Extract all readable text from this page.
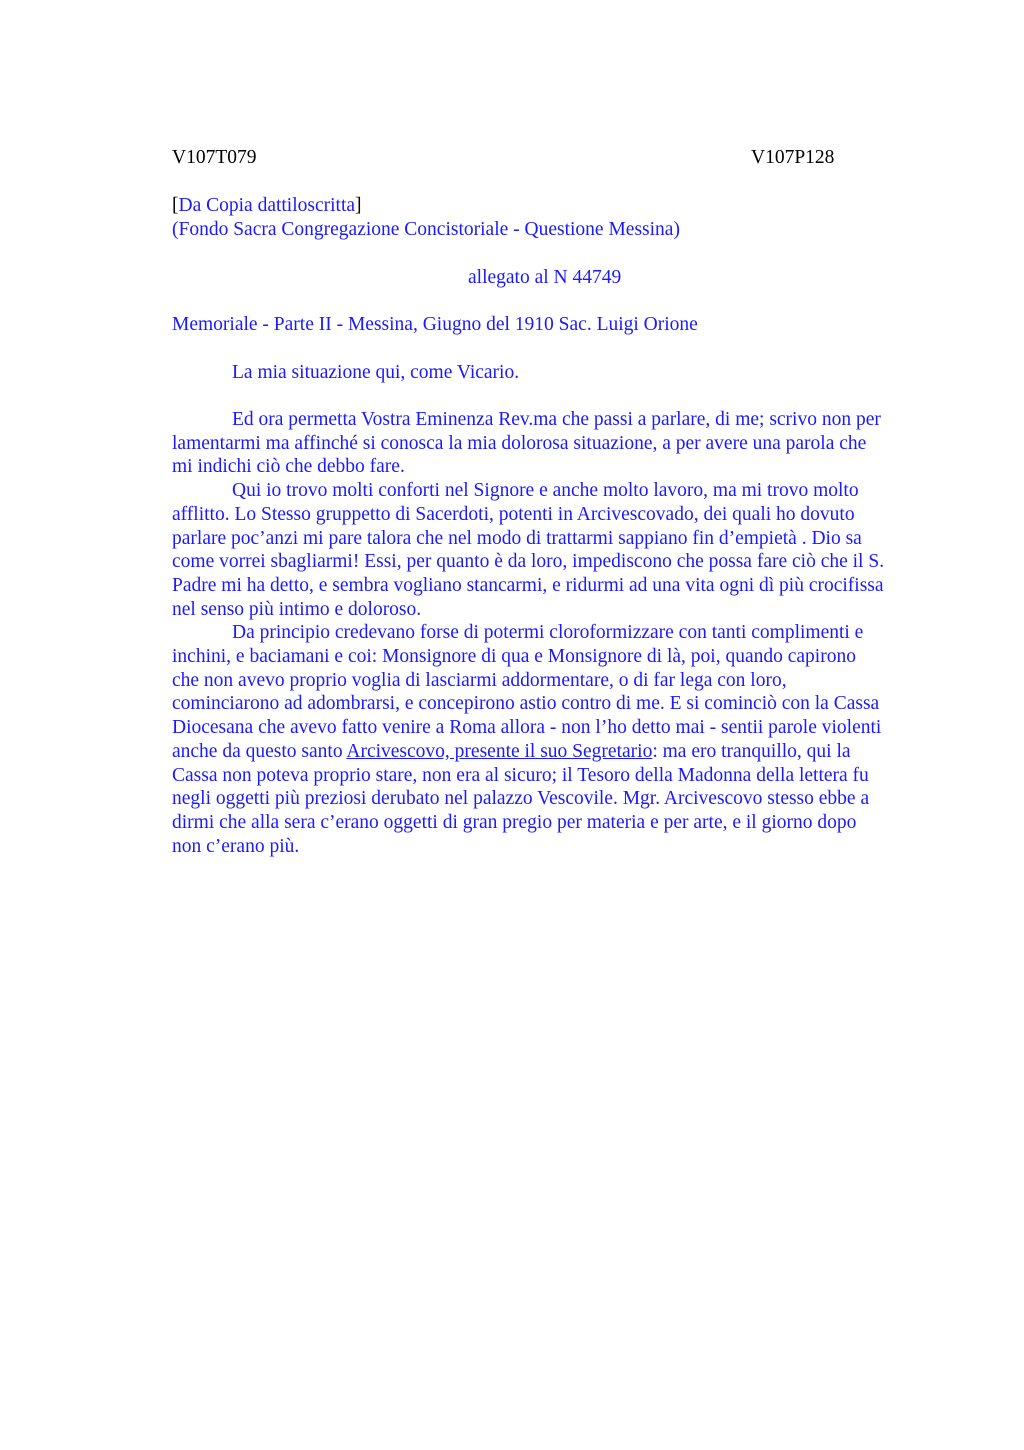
V107T079	V107P128
[Da Copia dattiloscritta]
(Fondo Sacra Congregazione Concistoriale - Questione Messina)
allegato al N 44749
Memoriale - Parte II - Messina, Giugno del 1910 Sac. Luigi Orione
La mia situazione qui, come Vicario.
Ed ora permetta Vostra Eminenza Rev.ma che passi a parlare, di me; scrivo non per
lamentarmi ma affinché si conosca la mia dolorosa situazione, a per avere una parola che
mi indichi ciò che debbo fare.
Qui io trovo molti conforti nel Signore e anche molto lavoro, ma mi trovo molto
afflitto. Lo Stesso gruppetto di Sacerdoti, potenti in Arcivescovado, dei quali ho dovuto
parlare poc’anzi mi pare talora che nel modo di trattarmi sappiano fin d’empietà . Dio sa
come vorrei sbagliarmi! Essi, per quanto è da loro, impediscono che possa fare ciò che il S.
Padre mi ha detto, e sembra vogliano stancarmi, e ridurmi ad una vita ogni dì più crocifissa
nel senso più intimo e doloroso.
Da principio credevano forse di potermi cloroformizzare con tanti complimenti e
inchini, e baciamani e coi: Monsignore di qua e Monsignore di là, poi, quando capirono
che non avevo proprio voglia di lasciarmi addormentare, o di far lega con loro,
cominciarono ad adombrarsi, e concepirono astio contro di me. E si cominciò con la Cassa
Diocesana che avevo fatto venire a Roma allora - non l’ho detto mai - sentii parole violenti
anche da questo santo Arcivescovo, presente il suo Segretario: ma ero tranquillo, qui la
Cassa non poteva proprio stare, non era al sicuro; il Tesoro della Madonna della lettera fu
negli oggetti più preziosi derubato nel palazzo Vescovile. Mgr. Arcivescovo stesso ebbe a
dirmi che alla sera c’erano oggetti di gran pregio per materia e per arte, e il giorno dopo
non c’erano più.
